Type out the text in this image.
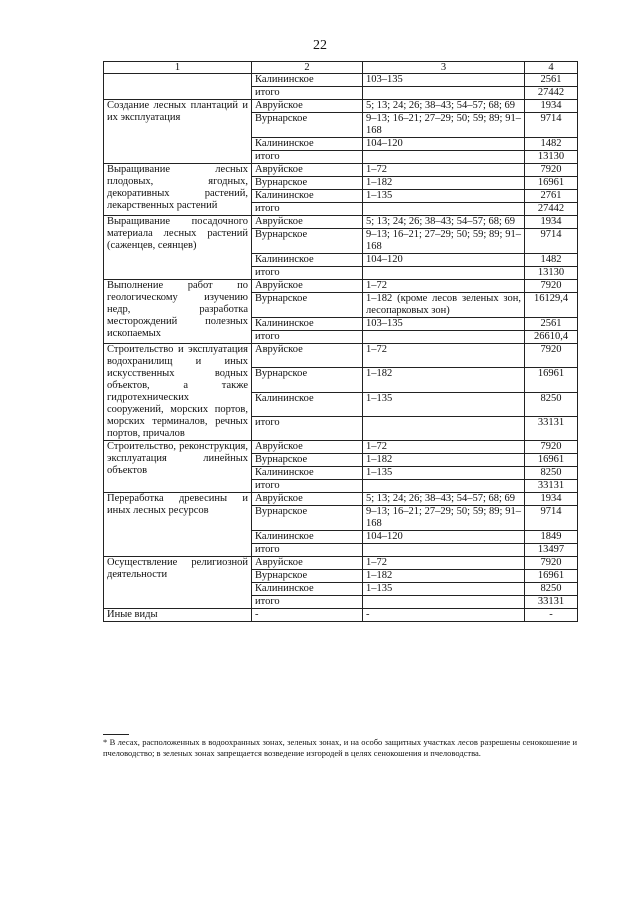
22
1	2	3	4
	Калининское	103–135	2561
	итого		27442
Создание лесных плантаций и их эксплуатация	Авруйское	5; 13; 24; 26; 38–43; 54–57; 68; 69	1934
	Вурнарское	9–13; 16–21; 27–29; 50; 59; 89; 91–168	9714
	Калининское	104–120	1482
	итого		13130
Выращивание лесных плодовых, ягодных, декоративных растений, лекарственных растений	Авруйское	1–72	7920
	Вурнарское	1–182	16961
	Калининское	1–135	2761
	итого		27442
Выращивание посадочного материала лесных растений (саженцев, сеянцев)	Авруйское	5; 13; 24; 26; 38–43; 54–57; 68; 69	1934
	Вурнарское	9–13; 16–21; 27–29; 50; 59; 89; 91–168	9714
	Калининское	104–120	1482
	итого		13130
Выполнение работ по геологическому изучению недр, разработка месторождений полезных ископаемых	Авруйское	1–72	7920
	Вурнарское	1–182 (кроме лесов зеленых зон, лесопарковых зон)	16129,4
	Калининское	103–135	2561
	итого		26610,4
Строительство и эксплуатация водохранилищ и иных искусственных водных объектов, а также гидротехнических сооружений, морских портов, морских терминалов, речных портов, причалов	Авруйское	1–72	7920
	Вурнарское	1–182	16961
	Калининское	1–135	8250
	итого		33131
Строительство, реконструкция, эксплуатация линейных объектов	Авруйское	1–72	7920
	Вурнарское	1–182	16961
	Калининское	1–135	8250
	итого		33131
Переработка древесины и иных лесных ресурсов	Авруйское	5; 13; 24; 26; 38–43; 54–57; 68; 69	1934
	Вурнарское	9–13; 16–21; 27–29; 50; 59; 89; 91–168	9714
	Калининское	104–120	1849
	итого		13497
Осуществление религиозной деятельности	Авруйское	1–72	7920
	Вурнарское	1–182	16961
	Калининское	1–135	8250
	итого		33131
Иные виды	-	-	-
* В лесах, расположенных в водоохранных зонах, зеленых зонах, и на особо защитных участках лесов разрешены сенокошение и пчеловодство; в зеленых зонах запрещается возведение изгородей в целях сенокошения и пчеловодства.
